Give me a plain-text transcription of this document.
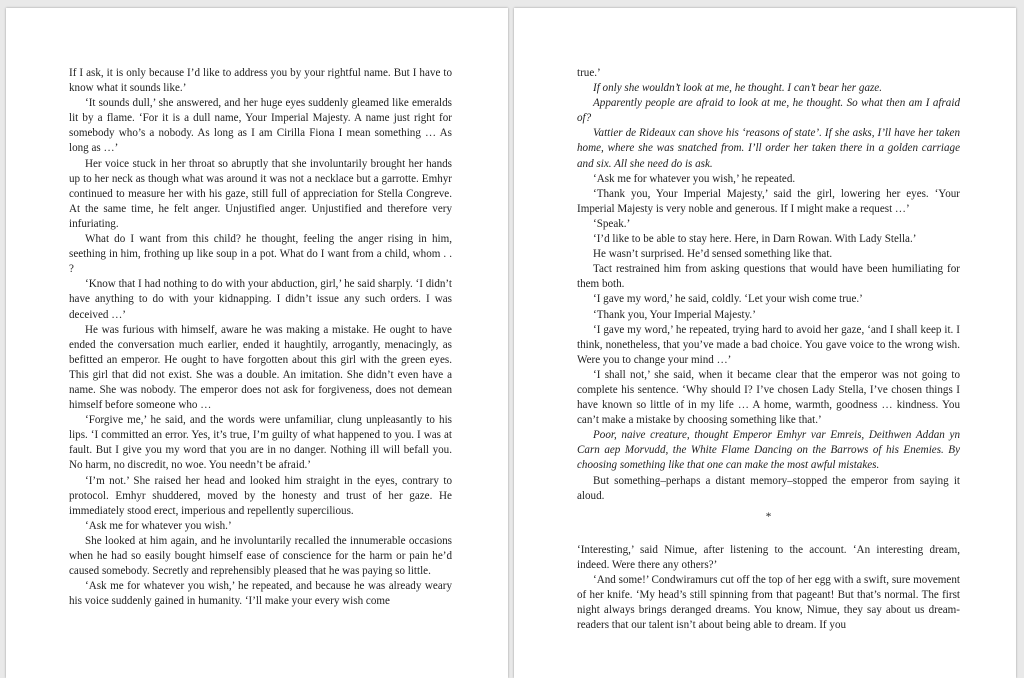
If I ask, it is only because I’d like to address you by your rightful name. But I have to know what it sounds like.’

‘It sounds dull,’ she answered, and her huge eyes suddenly gleamed like emeralds lit by a flame. ‘For it is a dull name, Your Imperial Majesty. A name just right for somebody who’s a nobody. As long as I am Cirilla Fiona I mean something … As long as …’

Her voice stuck in her throat so abruptly that she involuntarily brought her hands up to her neck as though what was around it was not a necklace but a garrotte. Emhyr continued to measure her with his gaze, still full of appreciation for Stella Congreve. At the same time, he felt anger. Unjustified anger. Unjustified and therefore very infuriating.

What do I want from this child? he thought, feeling the anger rising in him, seething in him, frothing up like soup in a pot. What do I want from a child, whom . . ?

‘Know that I had nothing to do with your abduction, girl,’ he said sharply. ‘I didn’t have anything to do with your kidnapping. I didn’t issue any such orders. I was deceived …’

He was furious with himself, aware he was making a mistake. He ought to have ended the conversation much earlier, ended it haughtily, arrogantly, menacingly, as befitted an emperor. He ought to have forgotten about this girl with the green eyes. This girl that did not exist. She was a double. An imitation. She didn’t even have a name. She was nobody. The emperor does not ask for forgiveness, does not demean himself before someone who …

‘Forgive me,’ he said, and the words were unfamiliar, clung unpleasantly to his lips. ‘I committed an error. Yes, it’s true, I’m guilty of what happened to you. I was at fault. But I give you my word that you are in no danger. Nothing ill will befall you. No harm, no discredit, no woe. You needn’t be afraid.’

‘I’m not.’ She raised her head and looked him straight in the eyes, contrary to protocol. Emhyr shuddered, moved by the honesty and trust of her gaze. He immediately stood erect, imperious and repellently supercilious.

‘Ask me for whatever you wish.’

She looked at him again, and he involuntarily recalled the innumerable occasions when he had so easily bought himself ease of conscience for the harm or pain he’d caused somebody. Secretly and reprehensibly pleased that he was paying so little.

‘Ask me for whatever you wish,’ he repeated, and because he was already weary his voice suddenly gained in humanity. ‘I’ll make your every wish come

true.’

If only she wouldn’t look at me, he thought. I can’t bear her gaze.

Apparently people are afraid to look at me, he thought. So what then am I afraid of?

Vattier de Rideaux can shove his ‘reasons of state’. If she asks, I’ll have her taken home, where she was snatched from. I’ll order her taken there in a golden carriage and six. All she need do is ask.

‘Ask me for whatever you wish,’ he repeated.

‘Thank you, Your Imperial Majesty,’ said the girl, lowering her eyes. ‘Your Imperial Majesty is very noble and generous. If I might make a request …’

‘Speak.’

‘I’d like to be able to stay here. Here, in Darn Rowan. With Lady Stella.’

He wasn’t surprised. He’d sensed something like that.

Tact restrained him from asking questions that would have been humiliating for them both.

‘I gave my word,’ he said, coldly. ‘Let your wish come true.’

‘Thank you, Your Imperial Majesty.’

‘I gave my word,’ he repeated, trying hard to avoid her gaze, ‘and I shall keep it. I think, nonetheless, that you’ve made a bad choice. You gave voice to the wrong wish. Were you to change your mind …’

‘I shall not,’ she said, when it became clear that the emperor was not going to complete his sentence. ‘Why should I? I’ve chosen Lady Stella, I’ve chosen things I have known so little of in my life … A home, warmth, goodness … kindness. You can’t make a mistake by choosing something like that.’

Poor, naive creature, thought Emperor Emhyr var Emreis, Deithwen Addan yn Carn aep Morvudd, the White Flame Dancing on the Barrows of his Enemies. By choosing something like that one can make the most awful mistakes.

But something–perhaps a distant memory–stopped the emperor from saying it aloud.

*

‘Interesting,’ said Nimue, after listening to the account. ‘An interesting dream, indeed. Were there any others?’

‘And some!’ Condwiramurs cut off the top of her egg with a swift, sure movement of her knife. ‘My head’s still spinning from that pageant! But that’s normal. The first night always brings deranged dreams. You know, Nimue, they say about us dream-readers that our talent isn’t about being able to dream. If you
